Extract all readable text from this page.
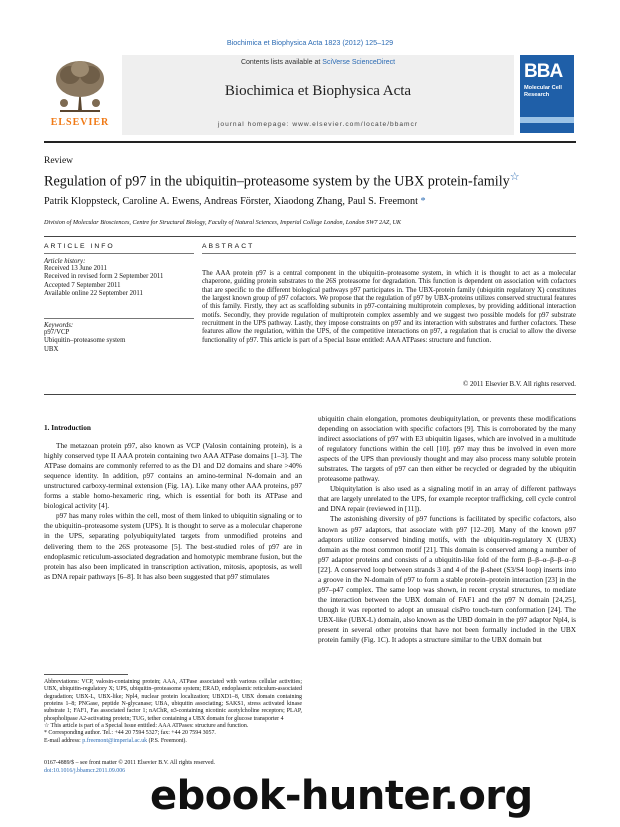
Biochimica et Biophysica Acta 1823 (2012) 125–129
ELSEVIER
Contents lists available at SciVerse ScienceDirect
Biochimica et Biophysica Acta
journal homepage: www.elsevier.com/locate/bbamcr
BBA
Molecular Cell Research
Review
Regulation of p97 in the ubiquitin–proteasome system by the UBX protein-family☆
Patrik Kloppsteck, Caroline A. Ewens, Andreas Förster, Xiaodong Zhang, Paul S. Freemont *
Division of Molecular Biosciences, Centre for Structural Biology, Faculty of Natural Sciences, Imperial College London, London SW7 2AZ, UK
ARTICLE INFO
Article history:
Received 13 June 2011
Received in revised form 2 September 2011
Accepted 7 September 2011
Available online 22 September 2011
Keywords:
p97/VCP
Ubiquitin–proteasome system
UBX
ABSTRACT
The AAA protein p97 is a central component in the ubiquitin–proteasome system, in which it is thought to act as a molecular chaperone, guiding protein substrates to the 26S proteasome for degradation. This function is dependent on association with cofactors that are specific to the different biological pathways p97 participates in. The UBX-protein family (ubiquitin regulatory X) constitutes the largest known group of p97 cofactors. We propose that the regulation of p97 by UBX-proteins utilizes conserved structural features of this family. Firstly, they act as scaffolding subunits in p97-containing multiprotein complexes, by providing additional interaction motifs. Secondly, they provide regulation of multiprotein complex assembly and we suggest two possible models for p97 substrate recruitment in the UPS pathway. Lastly, they impose constraints on p97 and its interaction with substrates and further cofactors. These features allow the regulation, within the UPS, of the competitive interactions on p97, a regulation that is crucial to allow the diverse functionality of p97. This article is part of a Special Issue entitled: AAA ATPases: structure and function.
© 2011 Elsevier B.V. All rights reserved.
1. Introduction

The metazoan protein p97, also known as VCP (Valosin containing protein), is a highly conserved type II AAA protein containing two AAA ATPase domains [1–3]. The ATPase domains are commonly referred to as the D1 and D2 domains and share >40% sequence identity. In addition, p97 contains an amino-terminal N-domain and an unstructured carboxy-terminal extension (Fig. 1A). Like many other AAA proteins, p97 forms a stable homo-hexameric ring, which is essential for both its ATPase and biological activity [4].

p97 has many roles within the cell, most of them linked to ubiquitin signaling or to the ubiquitin–proteasome system (UPS). It is thought to serve as a molecular chaperone in the UPS, separating polyubiquitylated targets from unmodified proteins and delivering them to the 26S proteasome [5]. The best-studied roles of p97 are in endoplasmic reticulum-associated degradation and homotypic membrane fusion, but the protein has also been implicated in transcription activation, mitosis, apoptosis, as well as DNA repair pathways [6–8]. It has also been suggested that p97 stimulates

ubiquitin chain elongation, promotes deubiquitylation, or prevents these modifications depending on association with specific cofactors [9]. This is corroborated by the many indirect associations of p97 with E3 ubiquitin ligases, which are involved in a multitude of regulatory functions within the cell [10]. p97 may thus be involved in even more aspects of the UPS than previously thought and may also process many soluble protein substrates. The targets of p97 can then either be recycled or degraded by the ubiquitin proteasome pathway.

Ubiquitylation is also used as a signaling motif in an array of different pathways that are largely unrelated to the UPS, for example receptor trafficking, cell cycle control and DNA repair (reviewed in [11]).

The astonishing diversity of p97 functions is facilitated by specific cofactors, also known as p97 adaptors, that associate with p97 [12–20]. Many of the known p97 adaptors utilize conserved binding motifs, with the ubiquitin-regulatory X (UBX) domain as the most common motif [21]. This domain is conserved among a number of p97 adaptor proteins and consists of a ubiquitin-like fold of the form β–β–α–β–β–α–β [22]. A conserved loop between strands 3 and 4 of the β-sheet (S3/S4 loop) inserts into a groove in the N-domain of p97 to form a stable protein–protein interaction [23] in the p97–p47 complex. The same loop was shown, in recent crystal structures, to mediate the interaction between the UBX domain of FAF1 and the p97 N domain [24,25], though it was reported to adopt an unusual cisPro touch-turn conformation [24]. The UBX-like (UBX-L) domain, also known as the UBD domain in the p97 adaptor Npl4, is present in several other proteins that have not been formally included in the UBX protein family (Fig. 1C). It adopts a structure similar to the UBX domain but

Abbreviations: VCP, valosin-containing protein; AAA, ATPase associated with various cellular activities; UBX, ubiquitin-regulatory X; UPS, ubiquitin–proteasome system; ERAD, endoplasmic reticulum-associated degradation; UBX-L, UBX-like; Npl4, nuclear protein localization; UBXD1–8, UBX domain containing proteins 1–8; PNGase, peptide N-glycanase; UBA, ubiquitin associating; SAKS1, stress activated kinase substrate 1; FAF1, Fas associated factor 1; nAChR, α3-containing nicotinic acetylcholine receptors; PLAP, phospholipase A2-activating protein; TUG, tether containing a UBX domain for glucose transporter 4

☆ This article is part of a Special Issue entitled: AAA ATPases: structure and function.

* Corresponding author. Tel.: +44 20 7594 5327; fax: +44 20 7594 3057.

E-mail address: p.freemont@imperial.ac.uk (P.S. Freemont).

0167-4889/$ – see front matter © 2011 Elsevier B.V. All rights reserved.
doi:10.1016/j.bbamcr.2011.09.006
ebook-hunter.org
